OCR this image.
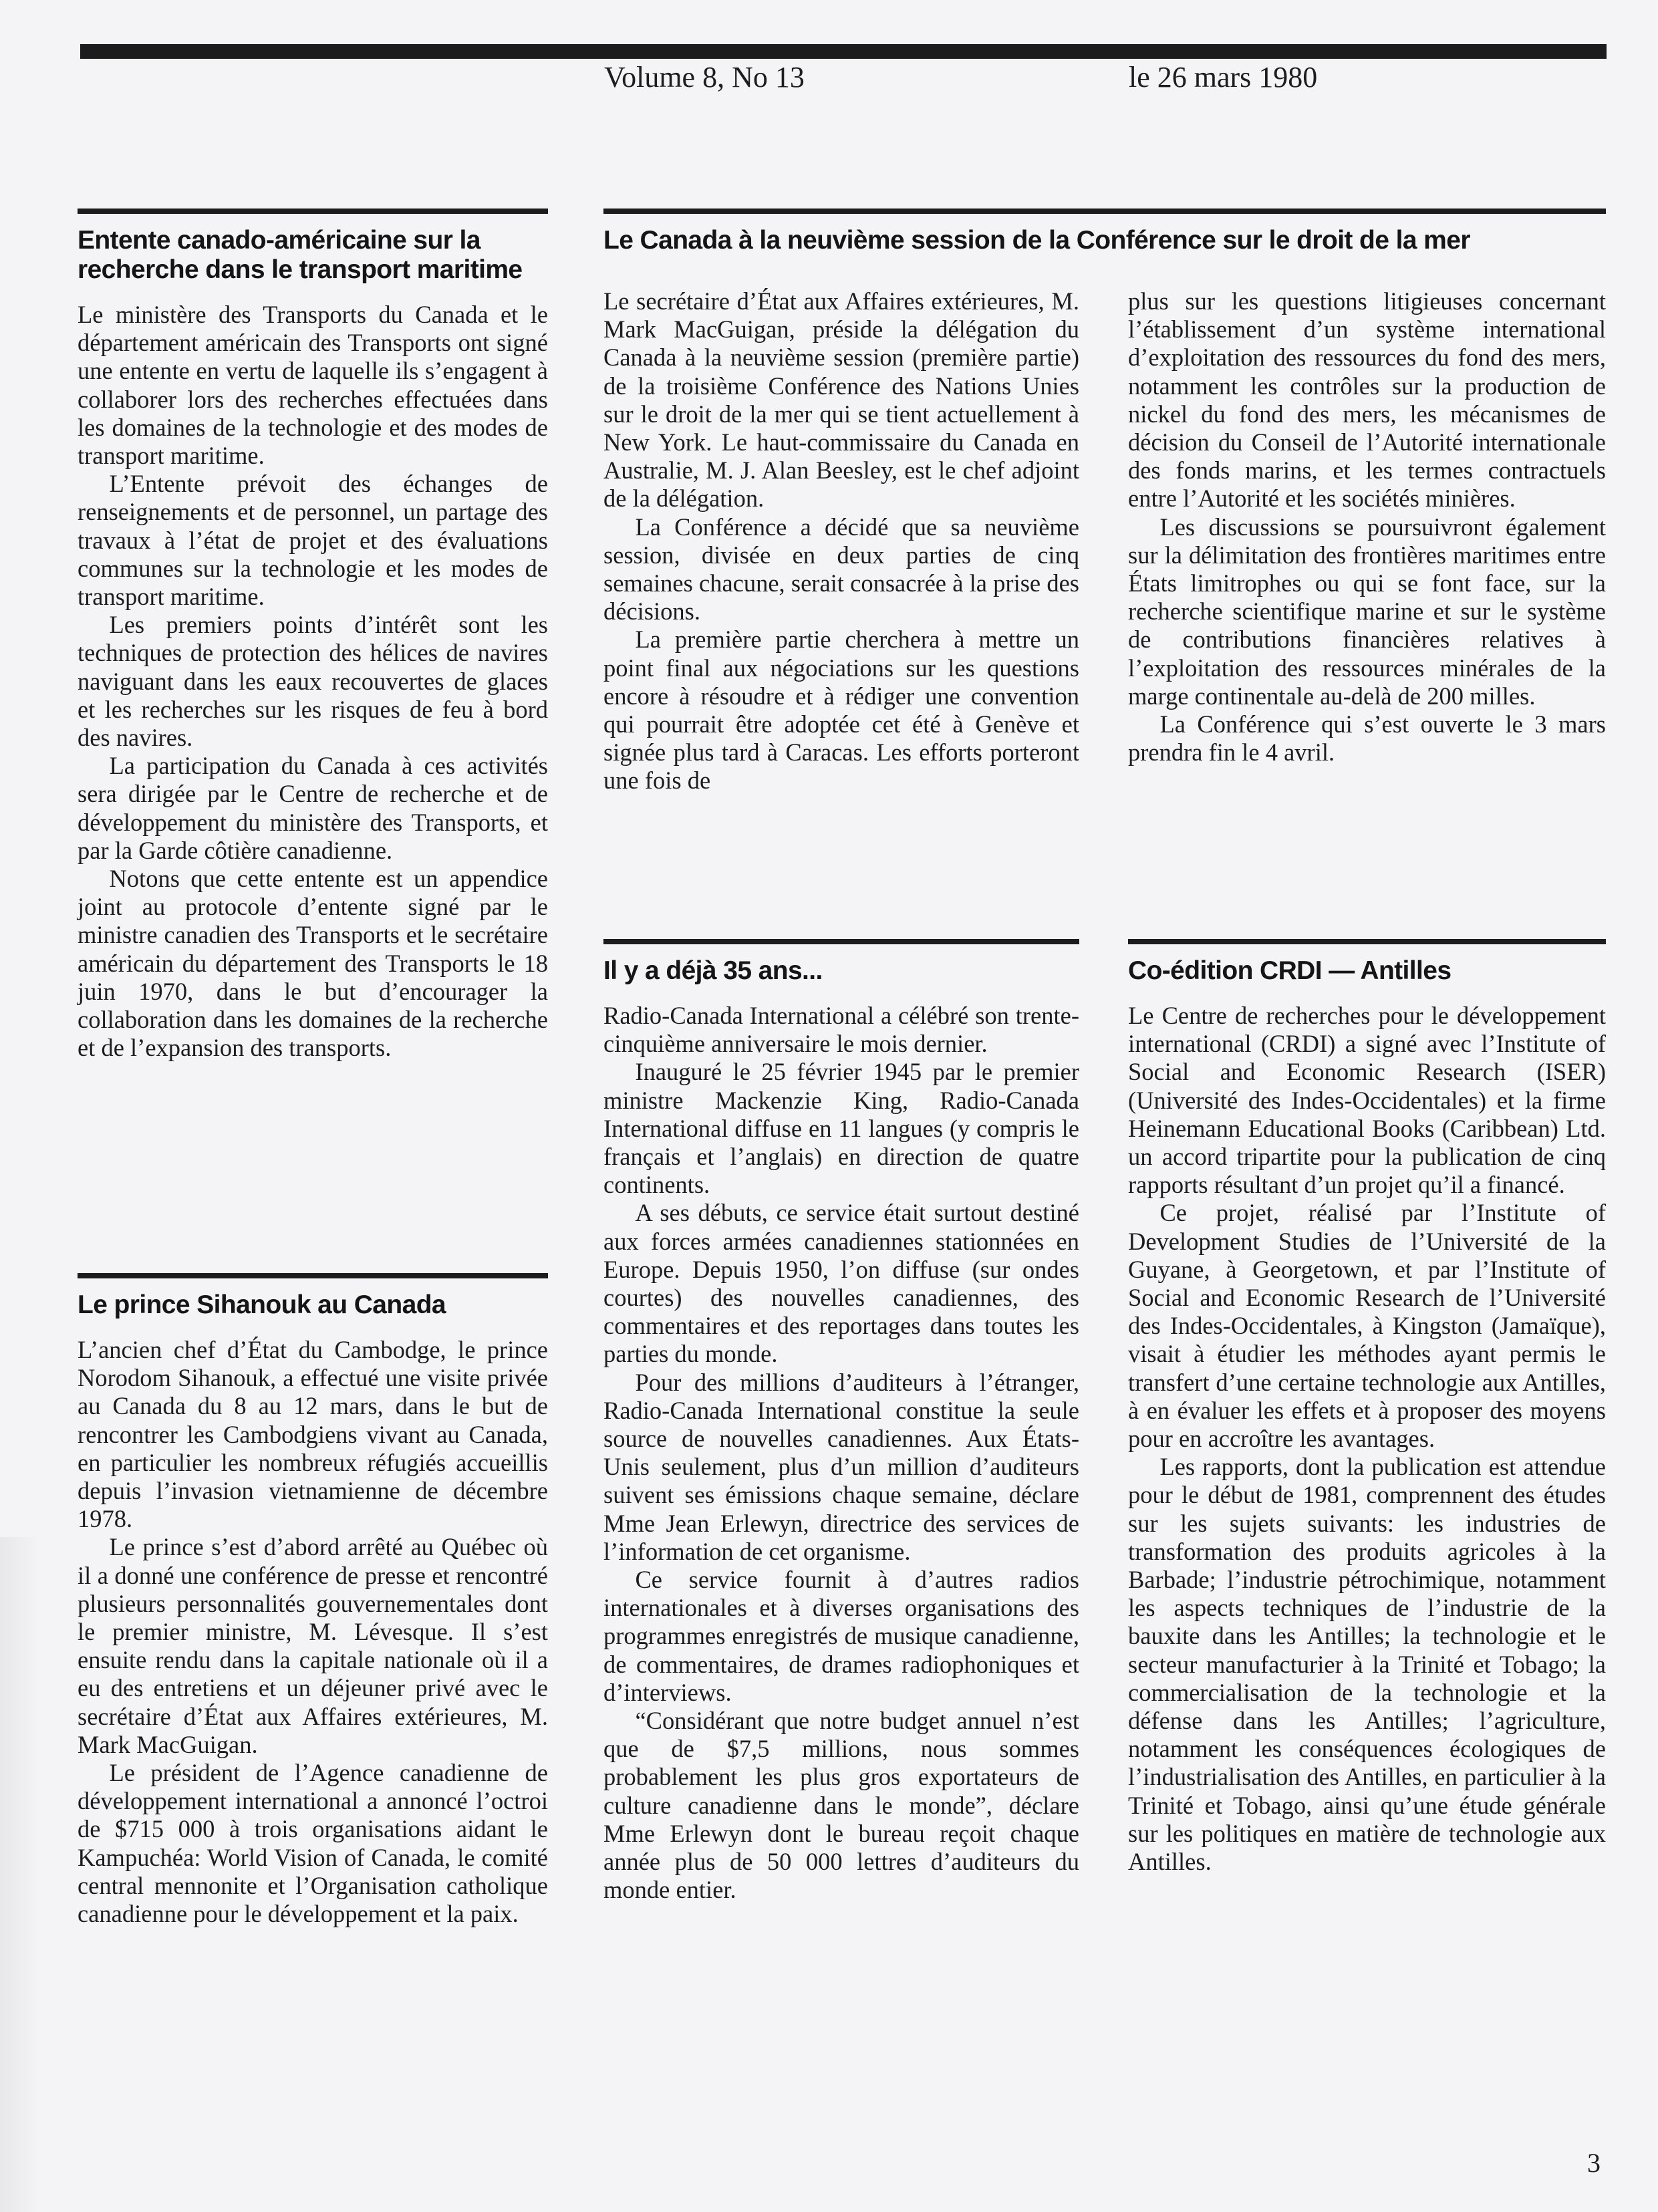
Volume 8, No 13	le 26 mars 1980
Entente canado-américaine sur la recherche dans le transport maritime

Le ministère des Transports du Canada et le département américain des Transports ont signé une entente en vertu de laquelle ils s’engagent à collaborer lors des recherches effectuées dans les domaines de la technologie et des modes de transport maritime.

L’Entente prévoit des échanges de renseignements et de personnel, un partage des travaux à l’état de projet et des évaluations communes sur la technologie et les modes de transport maritime.

Les premiers points d’intérêt sont les techniques de protection des hélices de navires naviguant dans les eaux recouvertes de glaces et les recherches sur les risques de feu à bord des navires.

La participation du Canada à ces activités sera dirigée par le Centre de recherche et de développement du ministère des Transports, et par la Garde côtière canadienne.

Notons que cette entente est un appendice joint au protocole d’entente signé par le ministre canadien des Transports et le secrétaire américain du département des Transports le 18 juin 1970, dans le but d’encourager la collaboration dans les domaines de la recherche et de l’expansion des transports.

Le prince Sihanouk au Canada

L’ancien chef d’État du Cambodge, le prince Norodom Sihanouk, a effectué une visite privée au Canada du 8 au 12 mars, dans le but de rencontrer les Cambodgiens vivant au Canada, en particulier les nombreux réfugiés accueillis depuis l’invasion vietnamienne de décembre 1978.

Le prince s’est d’abord arrêté au Québec où il a donné une conférence de presse et rencontré plusieurs personnalités gouvernementales dont le premier ministre, M. Lévesque. Il s’est ensuite rendu dans la capitale nationale où il a eu des entretiens et un déjeuner privé avec le secrétaire d’État aux Affaires extérieures, M. Mark MacGuigan.

Le président de l’Agence canadienne de développement international a annoncé l’octroi de $715 000 à trois organisations aidant le Kampuchéa: World Vision of Canada, le comité central mennonite et l’Organisation catholique canadienne pour le développement et la paix.

Le Canada à la neuvième session de la Conférence sur le droit de la mer

Le secrétaire d’État aux Affaires extérieures, M. Mark MacGuigan, préside la délégation du Canada à la neuvième session (première partie) de la troisième Conférence des Nations Unies sur le droit de la mer qui se tient actuellement à New York. Le haut-commissaire du Canada en Australie, M. J. Alan Beesley, est le chef adjoint de la délégation.

La Conférence a décidé que sa neuvième session, divisée en deux parties de cinq semaines chacune, serait consacrée à la prise des décisions.

La première partie cherchera à mettre un point final aux négociations sur les questions encore à résoudre et à rédiger une convention qui pourrait être adoptée cet été à Genève et signée plus tard à Caracas. Les efforts porteront une fois de

plus sur les questions litigieuses concernant l’établissement d’un système international d’exploitation des ressources du fond des mers, notamment les contrôles sur la production de nickel du fond des mers, les mécanismes de décision du Conseil de l’Autorité internationale des fonds marins, et les termes contractuels entre l’Autorité et les sociétés minières.

Les discussions se poursuivront également sur la délimitation des frontières maritimes entre États limitrophes ou qui se font face, sur la recherche scientifique marine et sur le système de contributions financières relatives à l’exploitation des ressources minérales de la marge continentale au-delà de 200 milles.

La Conférence qui s’est ouverte le 3 mars prendra fin le 4 avril.

Il y a déjà 35 ans...

Radio-Canada International a célébré son trente-cinquième anniversaire le mois dernier.

Inauguré le 25 février 1945 par le premier ministre Mackenzie King, Radio-Canada International diffuse en 11 langues (y compris le français et l’anglais) en direction de quatre continents.

A ses débuts, ce service était surtout destiné aux forces armées canadiennes stationnées en Europe. Depuis 1950, l’on diffuse (sur ondes courtes) des nouvelles canadiennes, des commentaires et des reportages dans toutes les parties du monde.

Pour des millions d’auditeurs à l’étranger, Radio-Canada International constitue la seule source de nouvelles canadiennes. Aux États-Unis seulement, plus d’un million d’auditeurs suivent ses émissions chaque semaine, déclare Mme Jean Erlewyn, directrice des services de l’information de cet organisme.

Ce service fournit à d’autres radios internationales et à diverses organisations des programmes enregistrés de musique canadienne, de commentaires, de drames radiophoniques et d’interviews.

“Considérant que notre budget annuel n’est que de $7,5 millions, nous sommes probablement les plus gros exportateurs de culture canadienne dans le monde”, déclare Mme Erlewyn dont le bureau reçoit chaque année plus de 50 000 lettres d’auditeurs du monde entier.

Co-édition CRDI — Antilles

Le Centre de recherches pour le développement international (CRDI) a signé avec l’Institute of Social and Economic Research (ISER) (Université des Indes-Occidentales) et la firme Heinemann Educational Books (Caribbean) Ltd. un accord tripartite pour la publication de cinq rapports résultant d’un projet qu’il a financé.

Ce projet, réalisé par l’Institute of Development Studies de l’Université de la Guyane, à Georgetown, et par l’Institute of Social and Economic Research de l’Université des Indes-Occidentales, à Kingston (Jamaïque), visait à étudier les méthodes ayant permis le transfert d’une certaine technologie aux Antilles, à en évaluer les effets et à proposer des moyens pour en accroître les avantages.

Les rapports, dont la publication est attendue pour le début de 1981, comprennent des études sur les sujets suivants: les industries de transformation des produits agricoles à la Barbade; l’industrie pétrochimique, notamment les aspects techniques de l’industrie de la bauxite dans les Antilles; la technologie et le secteur manufacturier à la Trinité et Tobago; la commercialisation de la technologie et la défense dans les Antilles; l’agriculture, notamment les conséquences écologiques de l’industrialisation des Antilles, en particulier à la Trinité et Tobago, ainsi qu’une étude générale sur les politiques en matière de technologie aux Antilles.

3
